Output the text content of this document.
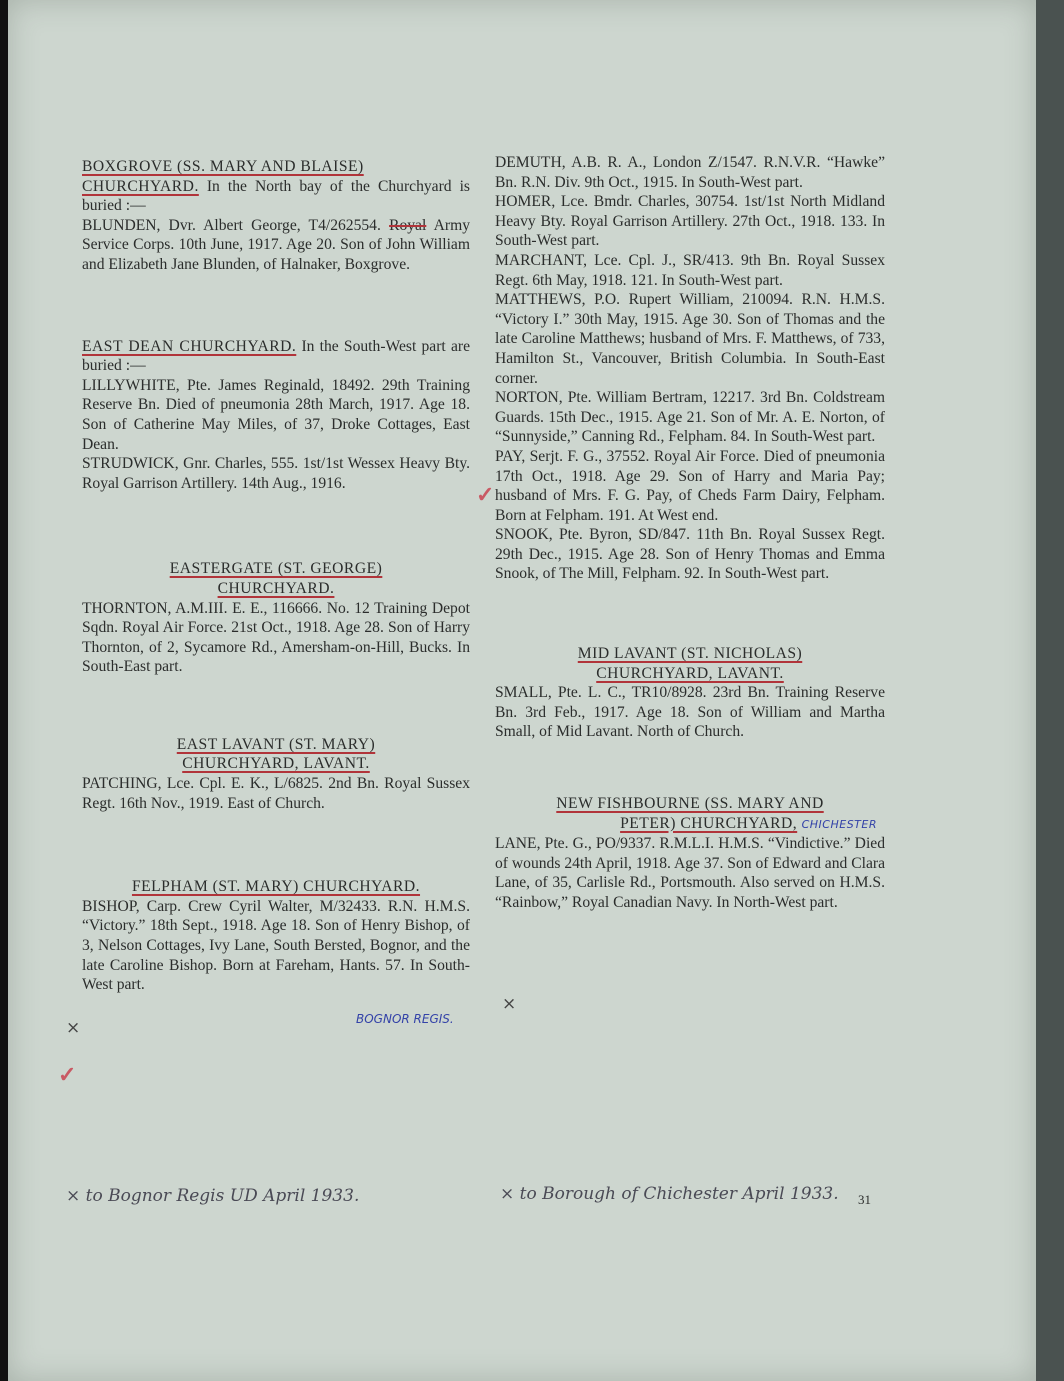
BOXGROVE (SS. MARY AND BLAISE)

CHURCHYARD. In the North bay of the Churchyard is buried :—

BLUNDEN, Dvr. Albert George, T4/262554. Royal Army Service Corps. 10th June, 1917. Age 20. Son of John William and Elizabeth Jane Blunden, of Halnaker, Boxgrove.

EAST DEAN CHURCHYARD. In the South-West part are buried :—

LILLYWHITE, Pte. James Reginald, 18492. 29th Training Reserve Bn. Died of pneumonia 28th March, 1917. Age 18. Son of Catherine May Miles, of 37, Droke Cottages, East Dean.

STRUDWICK, Gnr. Charles, 555. 1st/1st Wessex Heavy Bty. Royal Garrison Artillery. 14th Aug., 1916.

EASTERGATE (ST. GEORGE)

CHURCHYARD.

THORNTON, A.M.III. E. E., 116666. No. 12 Training Depot Sqdn. Royal Air Force. 21st Oct., 1918. Age 28. Son of Harry Thornton, of 2, Sycamore Rd., Amersham-on-Hill, Bucks. In South-East part.

EAST LAVANT (ST. MARY)

CHURCHYARD, LAVANT.

PATCHING, Lce. Cpl. E. K., L/6825. 2nd Bn. Royal Sussex Regt. 16th Nov., 1919. East of Church.

FELPHAM (ST. MARY) CHURCHYARD.

BISHOP, Carp. Crew Cyril Walter, M/32433. R.N. H.M.S. “Victory.” 18th Sept., 1918. Age 18. Son of Henry Bishop, of 3, Nelson Cottages, Ivy Lane, South Bersted, Bognor, and the late Caroline Bishop. Born at Fareham, Hants. 57. In South-West part.

DEMUTH, A.B. R. A., London Z/1547. R.N.V.R. “Hawke” Bn. R.N. Div. 9th Oct., 1915. In South-West part.

HOMER, Lce. Bmdr. Charles, 30754. 1st/1st North Midland Heavy Bty. Royal Garrison Artillery. 27th Oct., 1918. 133. In South-West part.

MARCHANT, Lce. Cpl. J., SR/413. 9th Bn. Royal Sussex Regt. 6th May, 1918. 121. In South-West part.

MATTHEWS, P.O. Rupert William, 210094. R.N. H.M.S. “Victory I.” 30th May, 1915. Age 30. Son of Thomas and the late Caroline Matthews; husband of Mrs. F. Matthews, of 733, Hamilton St., Vancouver, British Columbia. In South-East corner.

NORTON, Pte. William Bertram, 12217. 3rd Bn. Coldstream Guards. 15th Dec., 1915. Age 21. Son of Mr. A. E. Norton, of “Sunnyside,” Canning Rd., Felpham. 84. In South-West part.

PAY, Serjt. F. G., 37552. Royal Air Force. Died of pneumonia 17th Oct., 1918. Age 29. Son of Harry and Maria Pay; husband of Mrs. F. G. Pay, of Cheds Farm Dairy, Felpham. Born at Felpham. 191. At West end.

SNOOK, Pte. Byron, SD/847. 11th Bn. Royal Sussex Regt. 29th Dec., 1915. Age 28. Son of Henry Thomas and Emma Snook, of The Mill, Felpham. 92. In South-West part.

MID LAVANT (ST. NICHOLAS)

CHURCHYARD, LAVANT.

SMALL, Pte. L. C., TR10/8928. 23rd Bn. Training Reserve Bn. 3rd Feb., 1917. Age 18. Son of William and Martha Small, of Mid Lavant. North of Church.

NEW FISHBOURNE (SS. MARY AND

PETER) CHURCHYARD, CHICHESTER

LANE, Pte. G., PO/9337. R.M.L.I. H.M.S. “Vindictive.” Died of wounds 24th April, 1918. Age 37. Son of Edward and Clara Lane, of 35, Carlisle Rd., Portsmouth. Also served on H.M.S. “Rainbow,” Royal Canadian Navy. In North-West part.

BOGNOR REGIS.
× to Bognor Regis UD April 1933.	× to Borough of Chichester April 1933. 31
×
×
✓
✓
